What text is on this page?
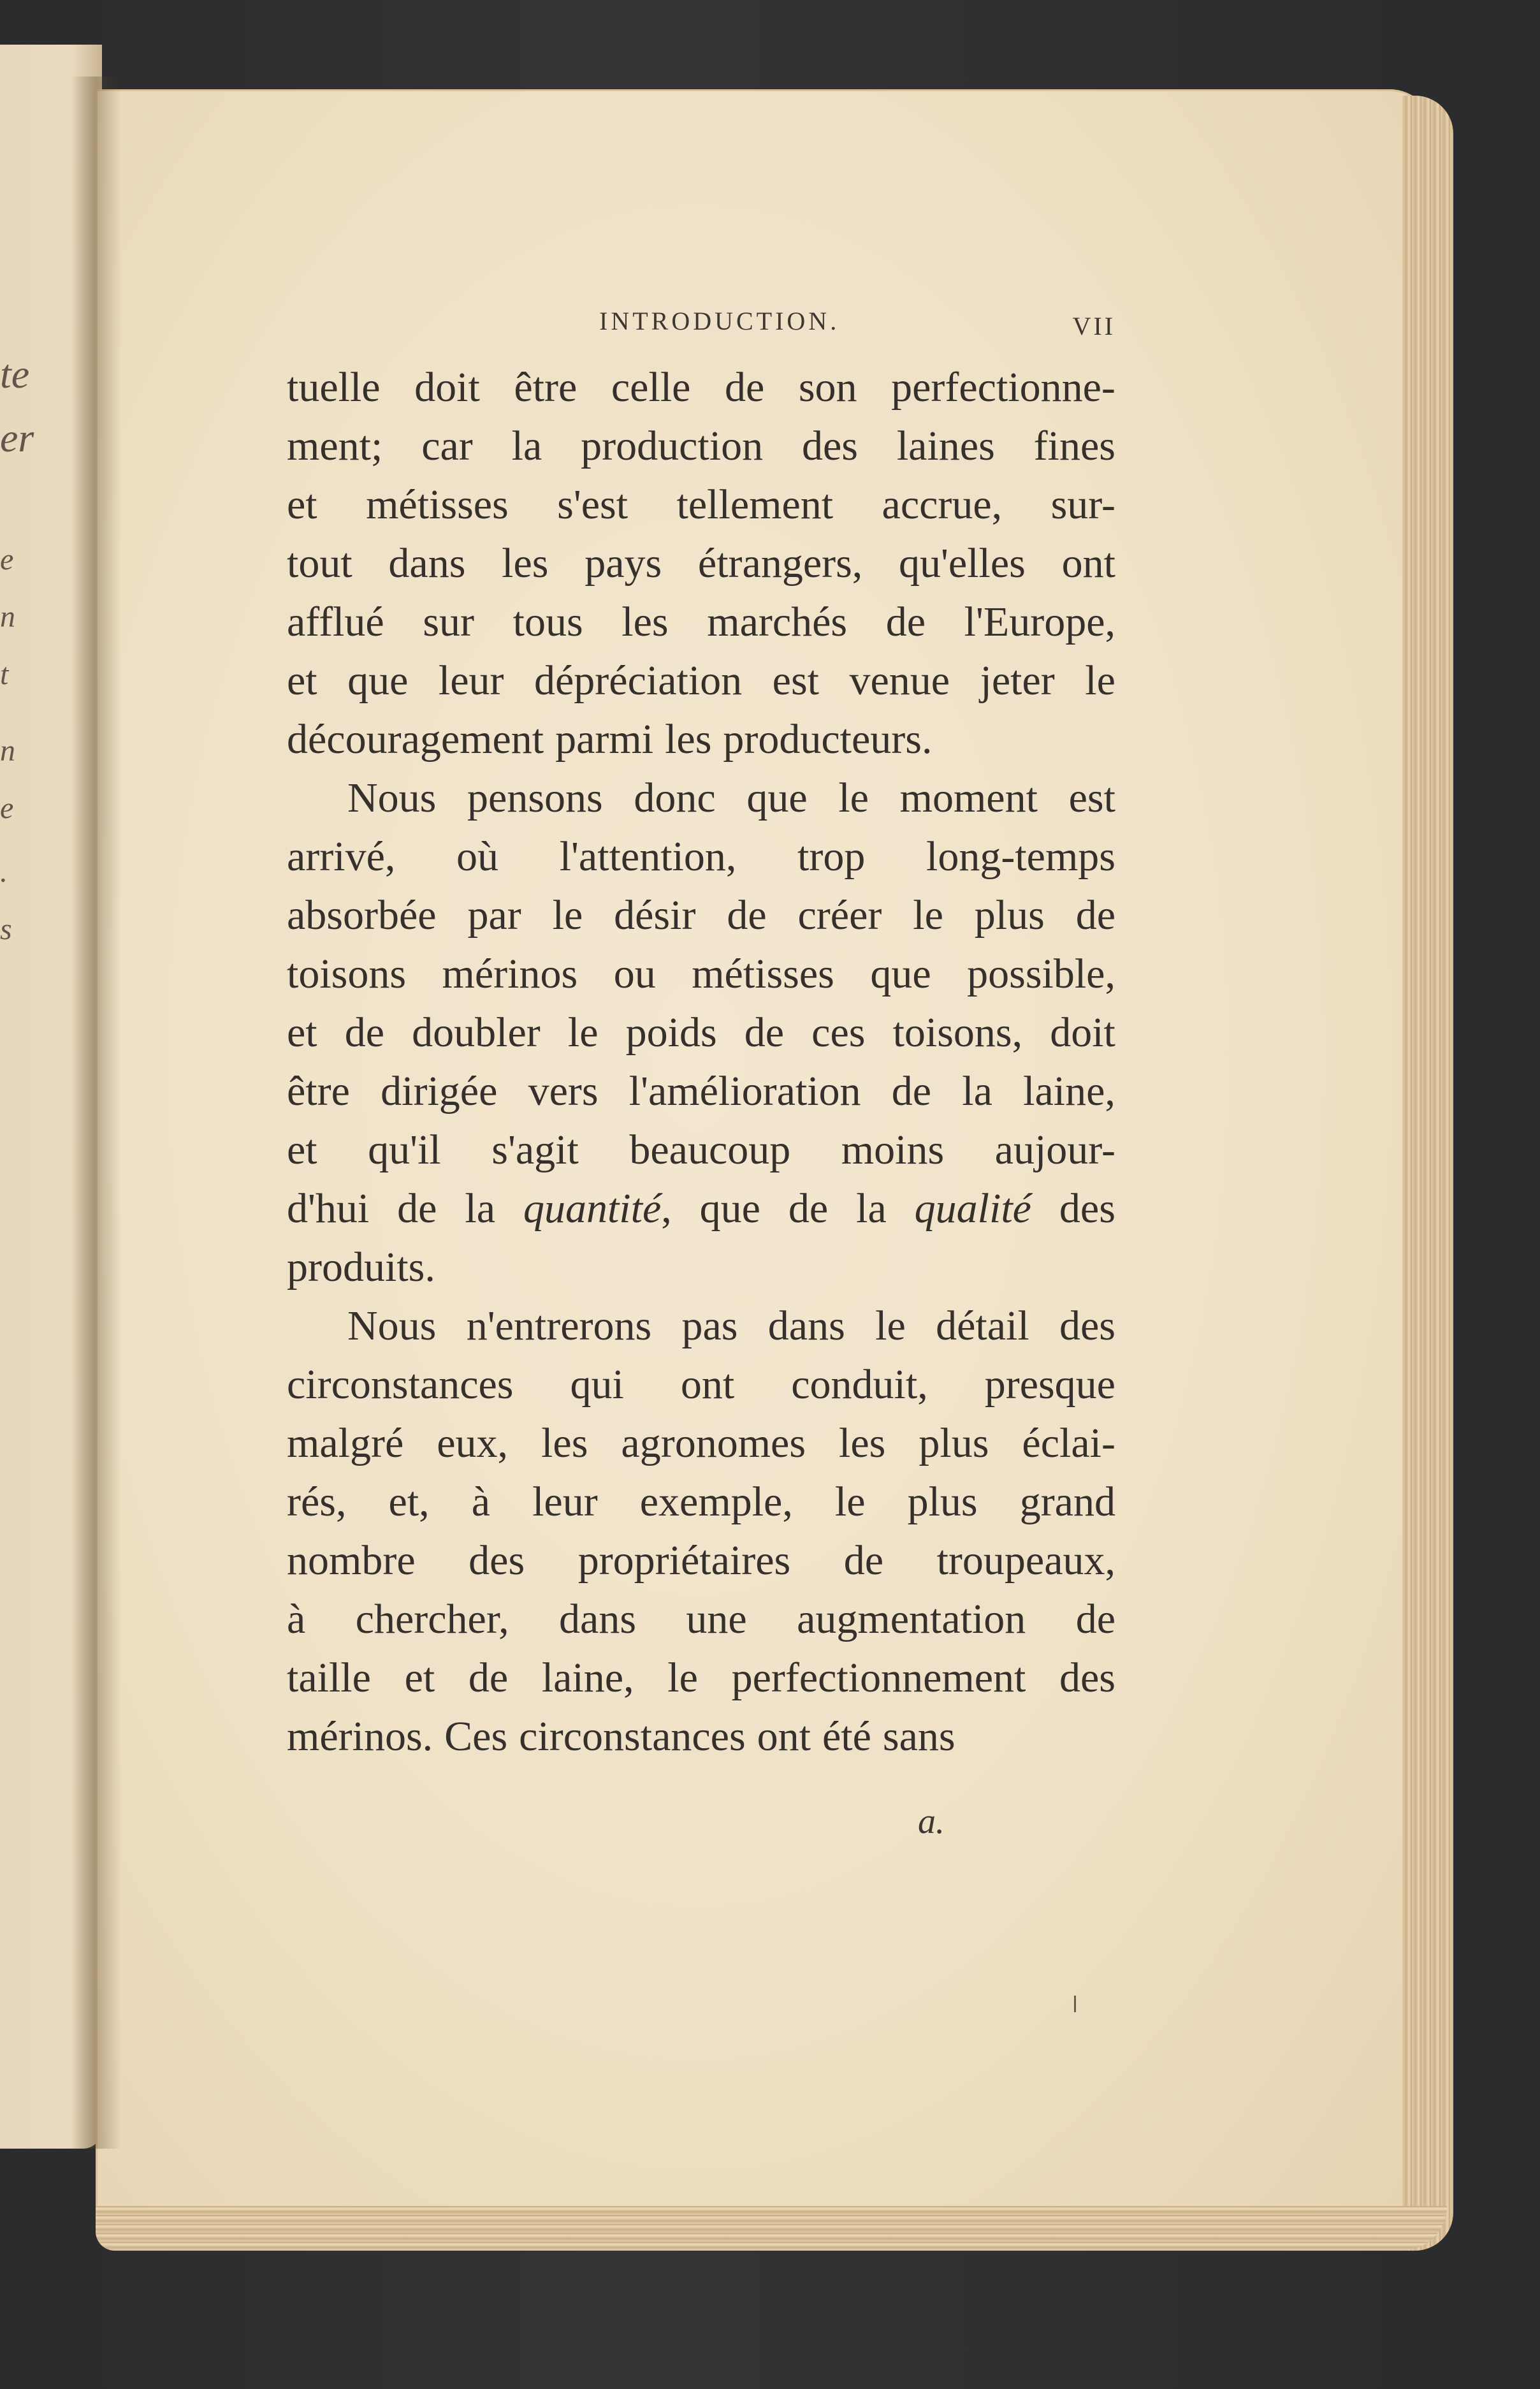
te
er
e
n
t
n
e
.
s
INTRODUCTION.	VII
tuelle doit être celle de son perfectionne-
ment; car la production des laines fines
et métisses s'est tellement accrue, sur-
tout dans les pays étrangers, qu'elles ont
afflué sur tous les marchés de l'Europe,
et que leur dépréciation est venue jeter le
découragement parmi les producteurs.
Nous pensons donc que le moment est
arrivé, où l'attention, trop long-temps
absorbée par le désir de créer le plus de
toisons mérinos ou métisses que possible,
et de doubler le poids de ces toisons, doit
être dirigée vers l'amélioration de la laine,
et qu'il s'agit beaucoup moins aujour-
d'hui de la quantité, que de la qualité des
produits.
Nous n'entrerons pas dans le détail des
circonstances qui ont conduit, presque
malgré eux, les agronomes les plus éclai-
rés, et, à leur exemple, le plus grand
nombre des propriétaires de troupeaux,
à chercher, dans une augmentation de
taille et de laine, le perfectionnement des
mérinos. Ces circonstances ont été sans
a.
